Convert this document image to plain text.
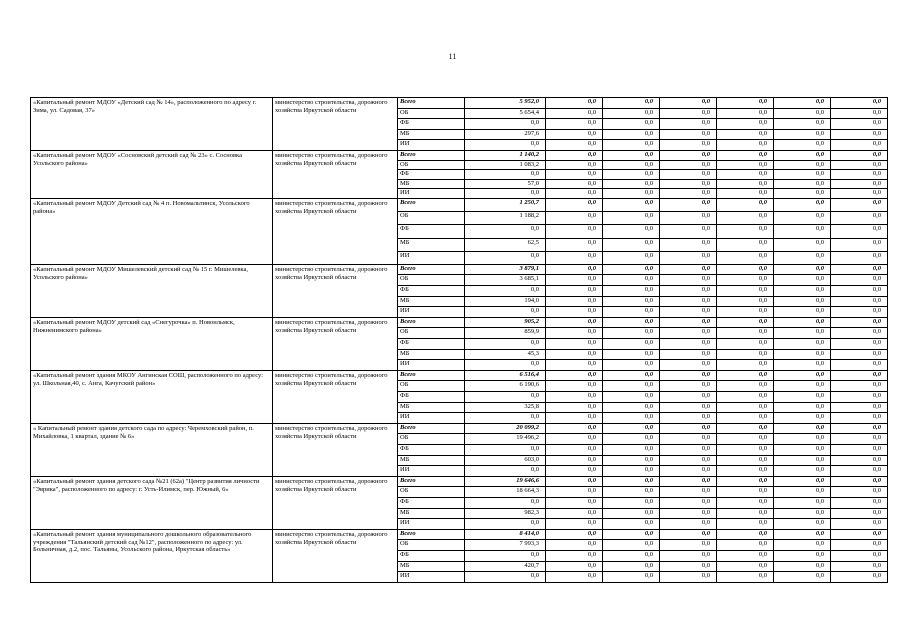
11
«Капитальный ремонт МДОУ «Детский сад № 14», расположенного по адресу г. Зима, ул. Садовая, 37»	министерство строительства, дорожного хозяйства Иркутской области	Всего	5 952,0	0,0	0,0	0,0	0,0	0,0	0,0	
		ОБ	5 654,4	0,0	0,0	0,0	0,0	0,0	0,0	
		ФБ	0,0	0,0	0,0	0,0	0,0	0,0	0,0	
		МБ	297,6	0,0	0,0	0,0	0,0	0,0	0,0	
		ИИ	0,0	0,0	0,0	0,0	0,0	0,0	0,0	
«Капитальный ремонт МДОУ «Сосновский детский сад № 23» с. Сосновка Усольского района»	министерство строительства, дорожного хозяйства Иркутской области	Всего	1 140,2	0,0	0,0	0,0	0,0	0,0	0,0	
		ОБ	1 083,2	0,0	0,0	0,0	0,0	0,0	0,0	
		ФБ	0,0	0,0	0,0	0,0	0,0	0,0	0,0	
		МБ	57,0	0,0	0,0	0,0	0,0	0,0	0,0	
		ИИ	0,0	0,0	0,0	0,0	0,0	0,0	0,0	
«Капитальный ремонт МДОУ Детский сад № 4 п. Новомальтинск, Усольского района»	министерство строительства, дорожного хозяйства Иркутской области	Всего	1 250,7	0,0	0,0	0,0	0,0	0,0	0,0	
		ОБ	1 188,2	0,0	0,0	0,0	0,0	0,0	0,0	
		ФБ	0,0	0,0	0,0	0,0	0,0	0,0	0,0	
		МБ	62,5	0,0	0,0	0,0	0,0	0,0	0,0	
		ИИ	0,0	0,0	0,0	0,0	0,0	0,0	0,0	
«Капитальный ремонт МДОУ Мишелевский детский сад № 15 г. Мишелевка, Усольского района»	министерство строительства, дорожного хозяйства Иркутской области	Всего	3 879,1	0,0	0,0	0,0	0,0	0,0	0,0	
		ОБ	3 685,1	0,0	0,0	0,0	0,0	0,0	0,0	
		ФБ	0,0	0,0	0,0	0,0	0,0	0,0	0,0	
		МБ	194,0	0,0	0,0	0,0	0,0	0,0	0,0	
		ИИ	0,0	0,0	0,0	0,0	0,0	0,0	0,0	
«Капитальный ремонт МДОУ детский сад «Снегурочка» п. Новонльмск, Нижнеиимского района»	министерство строительства, дорожного хозяйства Иркутской области	Всего	905,2	0,0	0,0	0,0	0,0	0,0	0,0	
		ОБ	859,9	0,0	0,0	0,0	0,0	0,0	0,0	
		ФБ	0,0	0,0	0,0	0,0	0,0	0,0	0,0	
		МБ	45,3	0,0	0,0	0,0	0,0	0,0	0,0	
		ИИ	0,0	0,0	0,0	0,0	0,0	0,0	0,0	
«Капитальный ремонт здания МКОУ Ангинская СОШ, расположенного по адресу: ул. Школьная,40, с. Анга, Качугский район»	министерство строительства, дорожного хозяйства Иркутской области	Всего	6 516,4	0,0	0,0	0,0	0,0	0,0	0,0	
		ОБ	6 190,6	0,0	0,0	0,0	0,0	0,0	0,0	
		ФБ	0,0	0,0	0,0	0,0	0,0	0,0	0,0	
		МБ	325,8	0,0	0,0	0,0	0,0	0,0	0,0	
		ИИ	0,0	0,0	0,0	0,0	0,0	0,0	0,0	
« Капитальный ремонт здания детского сада по адресу: Черемховский район, п. Михайловка, 1 квартал, здание № 6»	министерство строительства, дорожного хозяйства Иркутской области	Всего	20 099,2	0,0	0,0	0,0	0,0	0,0	0,0	
		ОБ	19 496,2	0,0	0,0	0,0	0,0	0,0	0,0	
		ФБ	0,0	0,0	0,0	0,0	0,0	0,0	0,0	
		МБ	603,0	0,0	0,0	0,0	0,0	0,0	0,0	
		ИИ	0,0	0,0	0,0	0,0	0,0	0,0	0,0	
«Капитальный ремонт здания детского сада №21 (62а) "Центр развития личности "Эврика", расположенного по адресу: г. Усть-Илимск, пер. Южный, 6»	министерство строительства, дорожного хозяйства Иркутской области	Всего	19 646,6	0,0	0,0	0,0	0,0	0,0	0,0	
		ОБ	18 664,3	0,0	0,0	0,0	0,0	0,0	0,0	
		ФБ	0,0	0,0	0,0	0,0	0,0	0,0	0,0	
		МБ	982,3	0,0	0,0	0,0	0,0	0,0	0,0	
		ИИ	0,0	0,0	0,0	0,0	0,0	0,0	0,0	
«Капитальный ремонт здания муниципального дошкольного образовательного учреждения "Тальянский детский сад №12", расположенного по адресу: ул. Больничная, д.2, пос. Тальяны, Усольского района, Иркутская область»	министерство строительства, дорожного хозяйства Иркутской области	Всего	8 414,0	0,0	0,0	0,0	0,0	0,0	0,0	
		ОБ	7 993,3	0,0	0,0	0,0	0,0	0,0	0,0	
		ФБ	0,0	0,0	0,0	0,0	0,0	0,0	0,0	
		МБ	420,7	0,0	0,0	0,0	0,0	0,0	0,0	
		ИИ	0,0	0,0	0,0	0,0	0,0	0,0	0,0	
